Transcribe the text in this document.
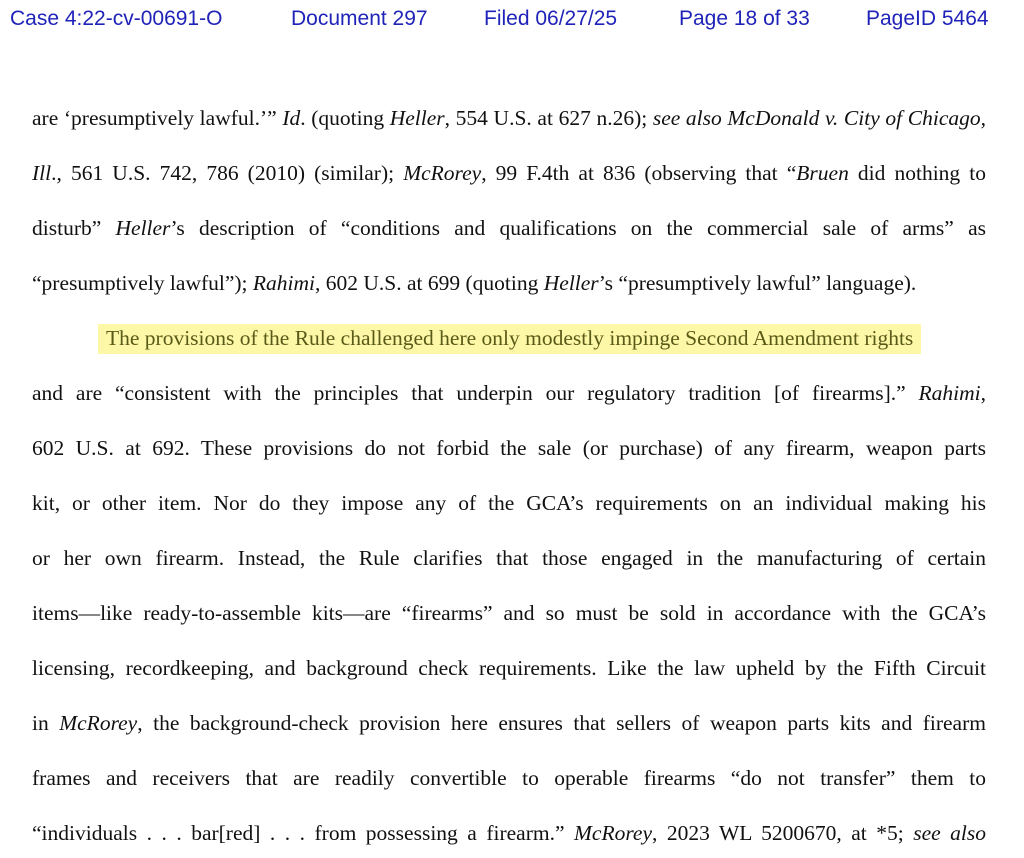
Case 4:22-cv-00691-O	Document 297	Filed 06/27/25	Page 18 of 33	PageID 5464
are ‘presumptively lawful.’” Id. (quoting Heller, 554 U.S. at 627 n.26); see also McDonald v. City of Chicago,
Ill., 561 U.S. 742, 786 (2010) (similar); McRorey, 99 F.4th at 836 (observing that “Bruen did nothing to
disturb” Heller’s description of “conditions and qualifications on the commercial sale of arms” as
“presumptively lawful”); Rahimi, 602 U.S. at 699 (quoting Heller’s “presumptively lawful” language).
The provisions of the Rule challenged here only modestly impinge Second Amendment rights
and are “consistent with the principles that underpin our regulatory tradition [of firearms].” Rahimi,
602 U.S. at 692. These provisions do not forbid the sale (or purchase) of any firearm, weapon parts
kit, or other item. Nor do they impose any of the GCA’s requirements on an individual making his
or her own firearm. Instead, the Rule clarifies that those engaged in the manufacturing of certain
items—like ready-to-assemble kits—are “firearms” and so must be sold in accordance with the GCA’s
licensing, recordkeeping, and background check requirements. Like the law upheld by the Fifth Circuit
in McRorey, the background-check provision here ensures that sellers of weapon parts kits and firearm
frames and receivers that are readily convertible to operable firearms “do not transfer” them to
“individuals . . . bar[red] . . . from possessing a firearm.” McRorey, 2023 WL 5200670, at *5; see also
